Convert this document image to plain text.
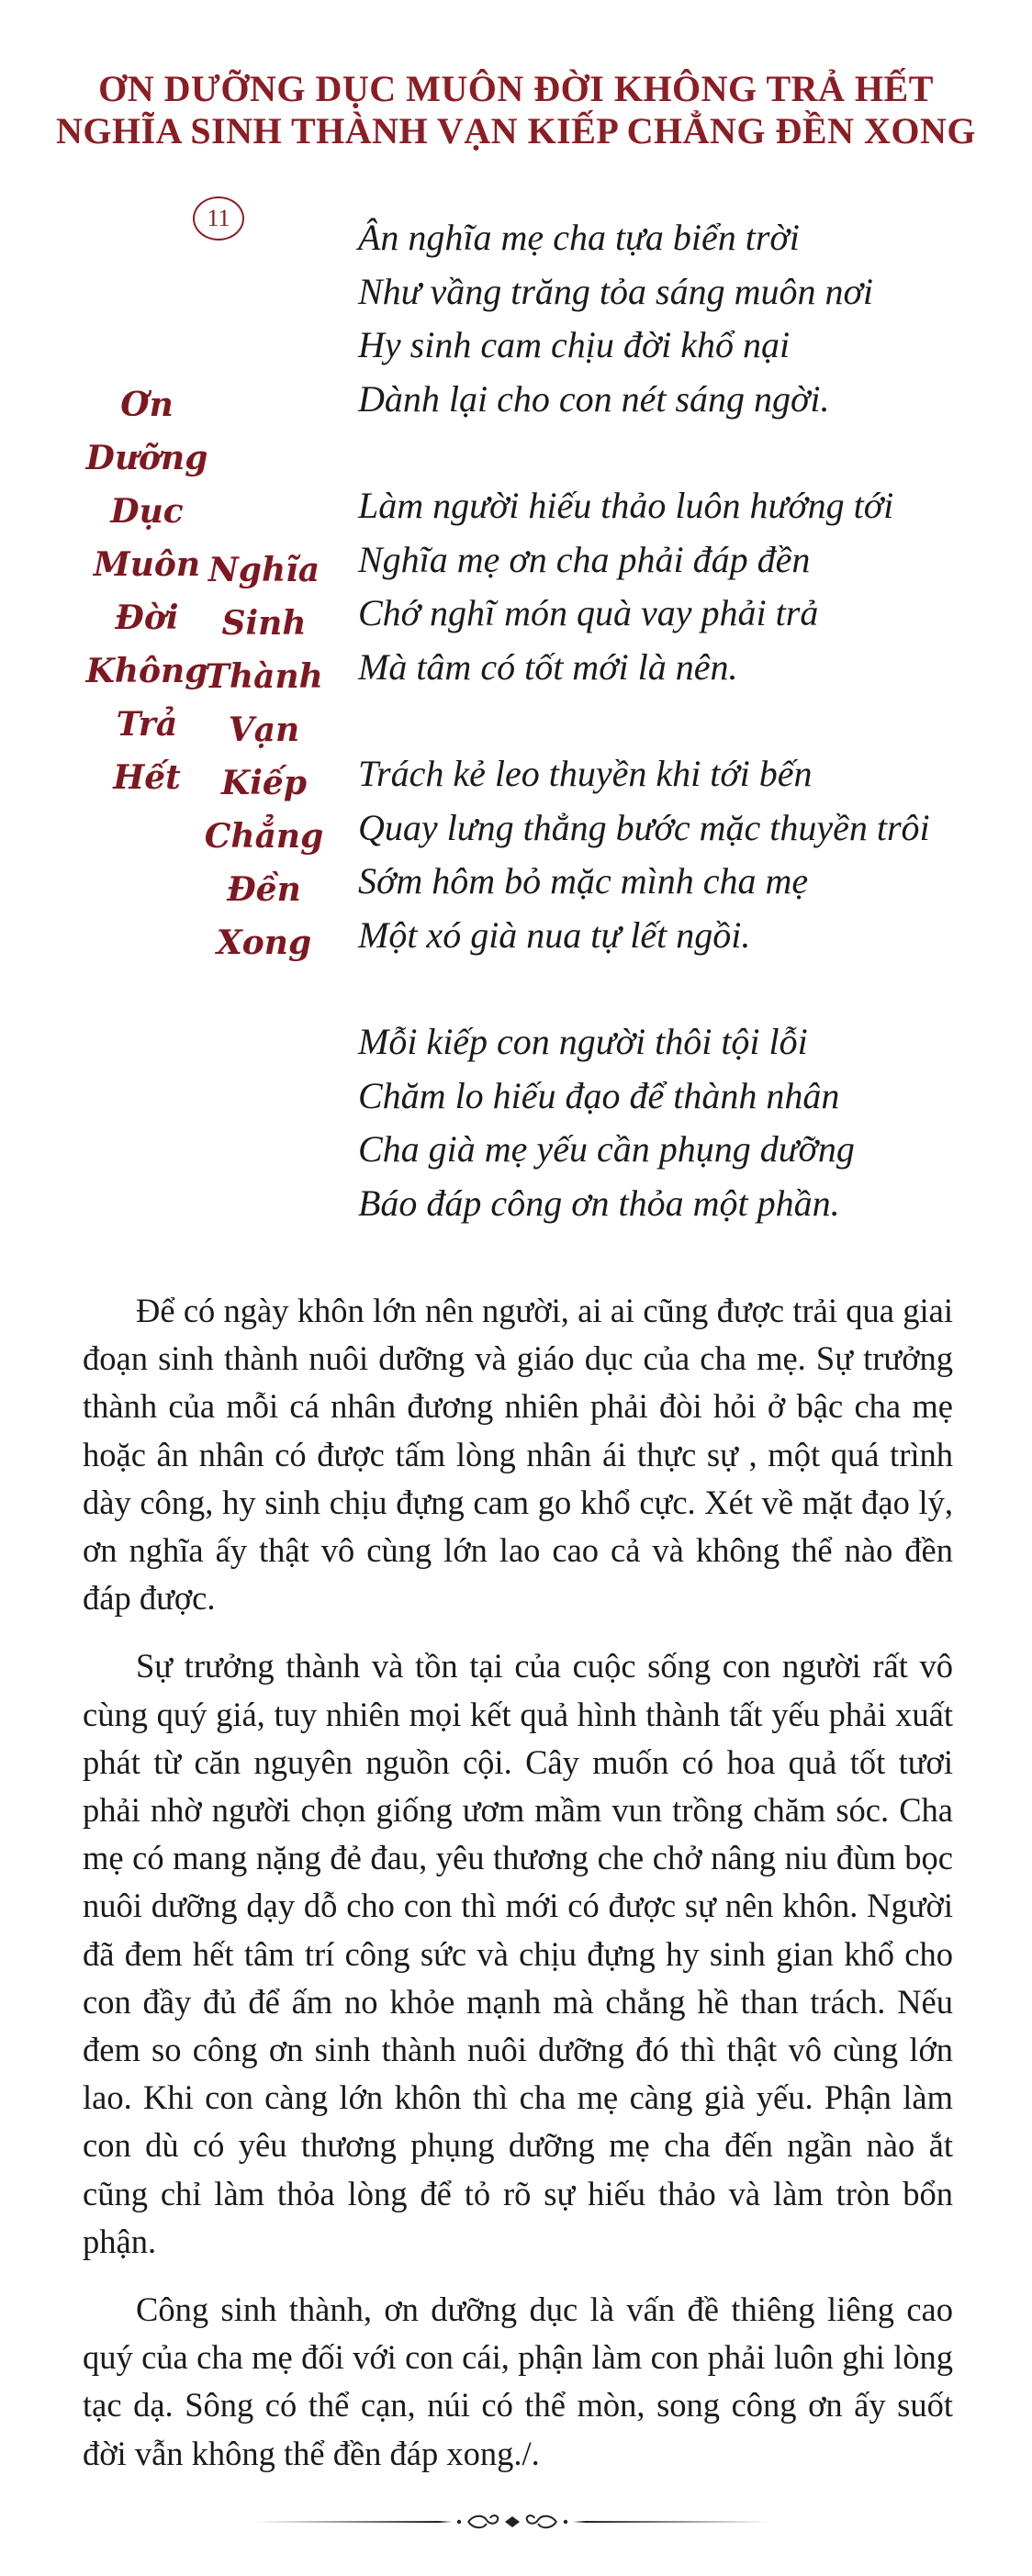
ƠN DƯỠNG DỤC MUÔN ĐỜI KHÔNG TRẢ HẾT
NGHĨA SINH THÀNH VẠN KIẾP CHẲNG ĐỀN XONG
11
Ơn
Dưỡng
Dục
Muôn
Đời
Không
Trả
Hết
Nghĩa
Sinh
Thành
Vạn
Kiếp
Chẳng
Đền
Xong
Ân nghĩa mẹ cha tựa biển trời
Như vầng trăng tỏa sáng muôn nơi
Hy sinh cam chịu đời khổ nại
Dành lại cho con nét sáng ngời.
Làm người hiếu thảo luôn hướng tới
Nghĩa mẹ ơn cha phải đáp đền
Chớ nghĩ món quà vay phải trả
Mà tâm có tốt mới là nên.
Trách kẻ leo thuyền khi tới bến
Quay lưng thẳng bước mặc thuyền trôi
Sớm hôm bỏ mặc mình cha mẹ
Một xó già nua tự lết ngồi.
Mỗi kiếp con người thôi tội lỗi
Chăm lo hiếu đạo để thành nhân
Cha già mẹ yếu cần phụng dưỡng
Báo đáp công ơn thỏa một phần.

Để có ngày khôn lớn nên người, ai ai cũng được trải qua giai đoạn sinh thành nuôi dưỡng và giáo dục của cha mẹ. Sự trưởng thành của mỗi cá nhân đương nhiên phải đòi hỏi ở bậc cha mẹ hoặc ân nhân có được tấm lòng nhân ái thực sự , một quá trình dày công, hy sinh chịu đựng cam go khổ cực. Xét về mặt đạo lý, ơn nghĩa ấy thật vô cùng lớn lao cao cả và không thể nào đền đáp được.

Sự trưởng thành và tồn tại của cuộc sống con người rất vô cùng quý giá, tuy nhiên mọi kết quả hình thành tất yếu phải xuất phát từ căn nguyên nguồn cội. Cây muốn có hoa quả tốt tươi phải nhờ người chọn giống ươm mầm vun trồng chăm sóc. Cha mẹ có mang nặng đẻ đau, yêu thương che chở nâng niu đùm bọc nuôi dưỡng dạy dỗ cho con thì mới có được sự nên khôn. Người đã đem hết tâm trí công sức và chịu đựng hy sinh gian khổ cho con đầy đủ để ấm no khỏe mạnh mà chẳng hề than trách. Nếu đem so công ơn sinh thành nuôi dưỡng đó thì thật vô cùng lớn lao. Khi con càng lớn khôn thì cha mẹ càng già yếu. Phận làm con dù có yêu thương phụng dưỡng mẹ cha đến ngần nào ắt cũng chỉ làm thỏa lòng để tỏ rõ sự hiếu thảo và làm tròn bổn phận.

Công sinh thành, ơn dưỡng dục là vấn đề thiêng liêng cao quý của cha mẹ đối với con cái, phận làm con phải luôn ghi lòng tạc dạ. Sông có thể cạn, núi có thể mòn, song công ơn ấy suốt đời vẫn không thể đền đáp xong./.
